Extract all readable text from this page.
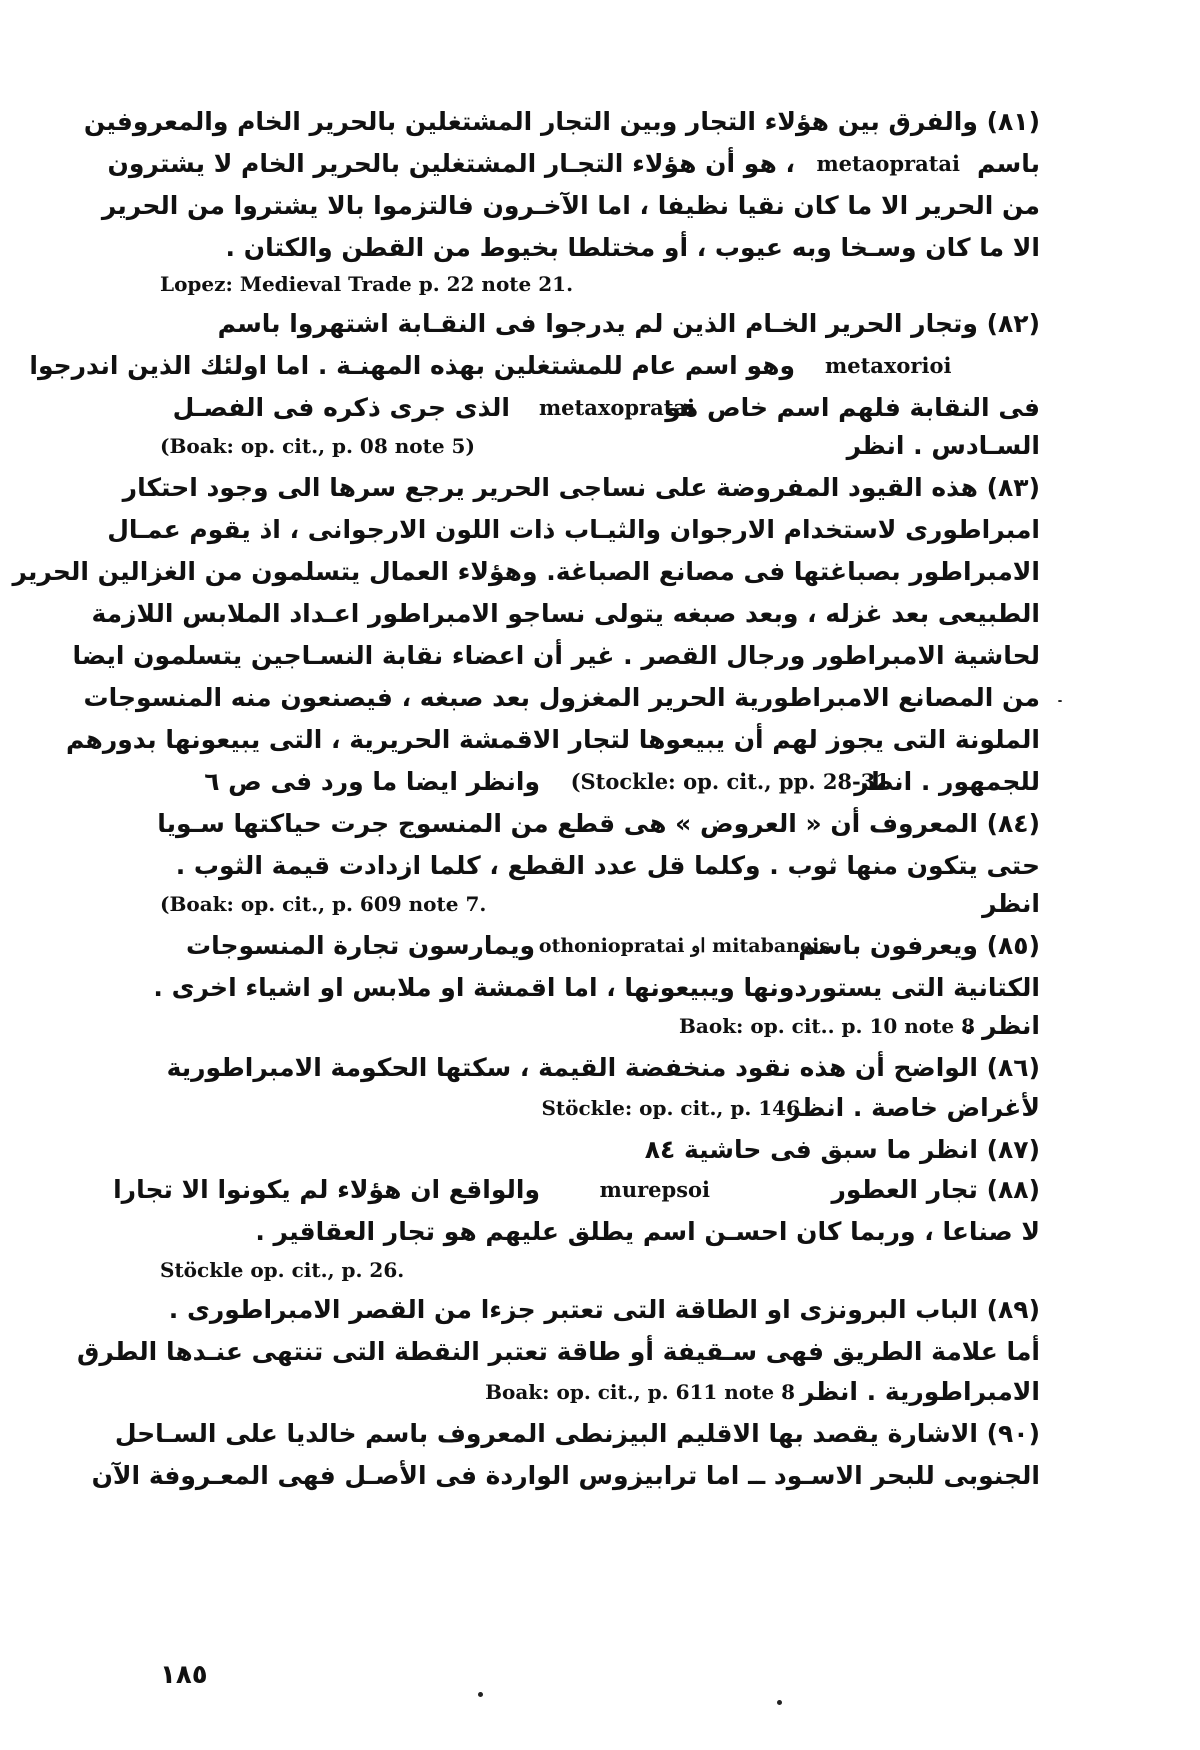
(٨١) والفرق بين هؤلاء التجار وبين التجار المشتغلين بالحرير الخام والمعروفين
باسم
metaopratai
، هو أن هؤلاء التجـار المشتغلين بالحرير الخام لا يشترون
من الحرير الا ما كان نقيا نظيفا ، اما الآخـرون فالتزموا بالا يشتروا من الحرير
الا ما كان وسـخا وبه عيوب ، أو مختلطا بخيوط من القطن والكتان .
Lopez: Medieval Trade p. 22 note 21.
(٨٢) وتجار الحرير الخـام الذين لم يدرجوا فى النقـابة اشتهروا باسم
metaxorioi
وهو اسم عام للمشتغلين بهذه المهنـة . اما اولئك الذين اندرجوا
فى النقابة فلهم اسم خاص هو
metaxopratai
الذى جرى ذكره فى الفصـل
السـادس . انظر
(Boak: op. cit., p. 08 note 5)
(٨٣) هذه القيود المفروضة على نساجى الحرير يرجع سرها الى وجود احتكار
امبراطورى لاستخدام الارجوان والثيـاب ذات اللون الارجوانى ، اذ يقوم عمـال
الامبراطور بصباغتها فى مصانع الصباغة. وهؤلاء العمال يتسلمون من الغزالين الحرير
الطبيعى بعد غزله ، وبعد صبغه يتولى نساجو الامبراطور اعـداد الملابس اللازمة
لحاشية الامبراطور ورجال القصر . غير أن اعضاء نقابة النسـاجين يتسلمون ايضا
من المصانع الامبراطورية الحرير المغزول بعد صبغه ، فيصنعون منه المنسوجات
الملونة التى يجوز لهم أن يبيعوها لتجار الاقمشة الحريرية ، التى يبيعونها بدورهم
للجمهور . انظر
(Stockle: op. cit., pp. 28-31
وانظر ايضا ما ورد فى ص ٦
(٨٤) المعروف أن « العروض » هى قطع من المنسوج جرت حياكتها سـويا
حتى يتكون منها ثوب . وكلما قل عدد القطع ، كلما ازدادت قيمة الثوب .
انظر
(Boak: op. cit., p. 609 note 7.
(٨٥) ويعرفون باسم
othoniopratai او mitabaneis
ويمارسون تجارة المنسوجات
الكتانية التى يستوردونها ويبيعونها ، اما اقمشة او ملابس او اشياء اخرى .
انظر .
Baok: op. cit.. p. 10 note 8
(٨٦) الواضح أن هذه نقود منخفضة القيمة ، سكتها الحكومة الامبراطورية
لأغراض خاصة . انظر
Stöckle: op. cit., p. 146
(٨٧) انظر ما سبق فى حاشية ٨٤
(٨٨) تجار العطور
murepsoi
والواقع ان هؤلاء لم يكونوا الا تجارا
لا صناعا ، وربما كان احسـن اسم يطلق عليهم هو تجار العقاقير .
Stöckle op. cit., p. 26.
(٨٩) الباب البرونزى او الطاقة التى تعتبر جزءا من القصر الامبراطورى .
أما علامة الطريق فهى سـقيفة أو طاقة تعتبر النقطة التى تنتهى عنـدها الطرق
الامبراطورية . انظر
Boak: op. cit., p. 611 note 8
(٩٠) الاشارة يقصد بها الاقليم البيزنطى المعروف باسم خالديا على السـاحل
الجنوبى للبحر الاسـود ــ اما ترابيزوس الواردة فى الأصـل فهى المعـروفة الآن
١٨٥
